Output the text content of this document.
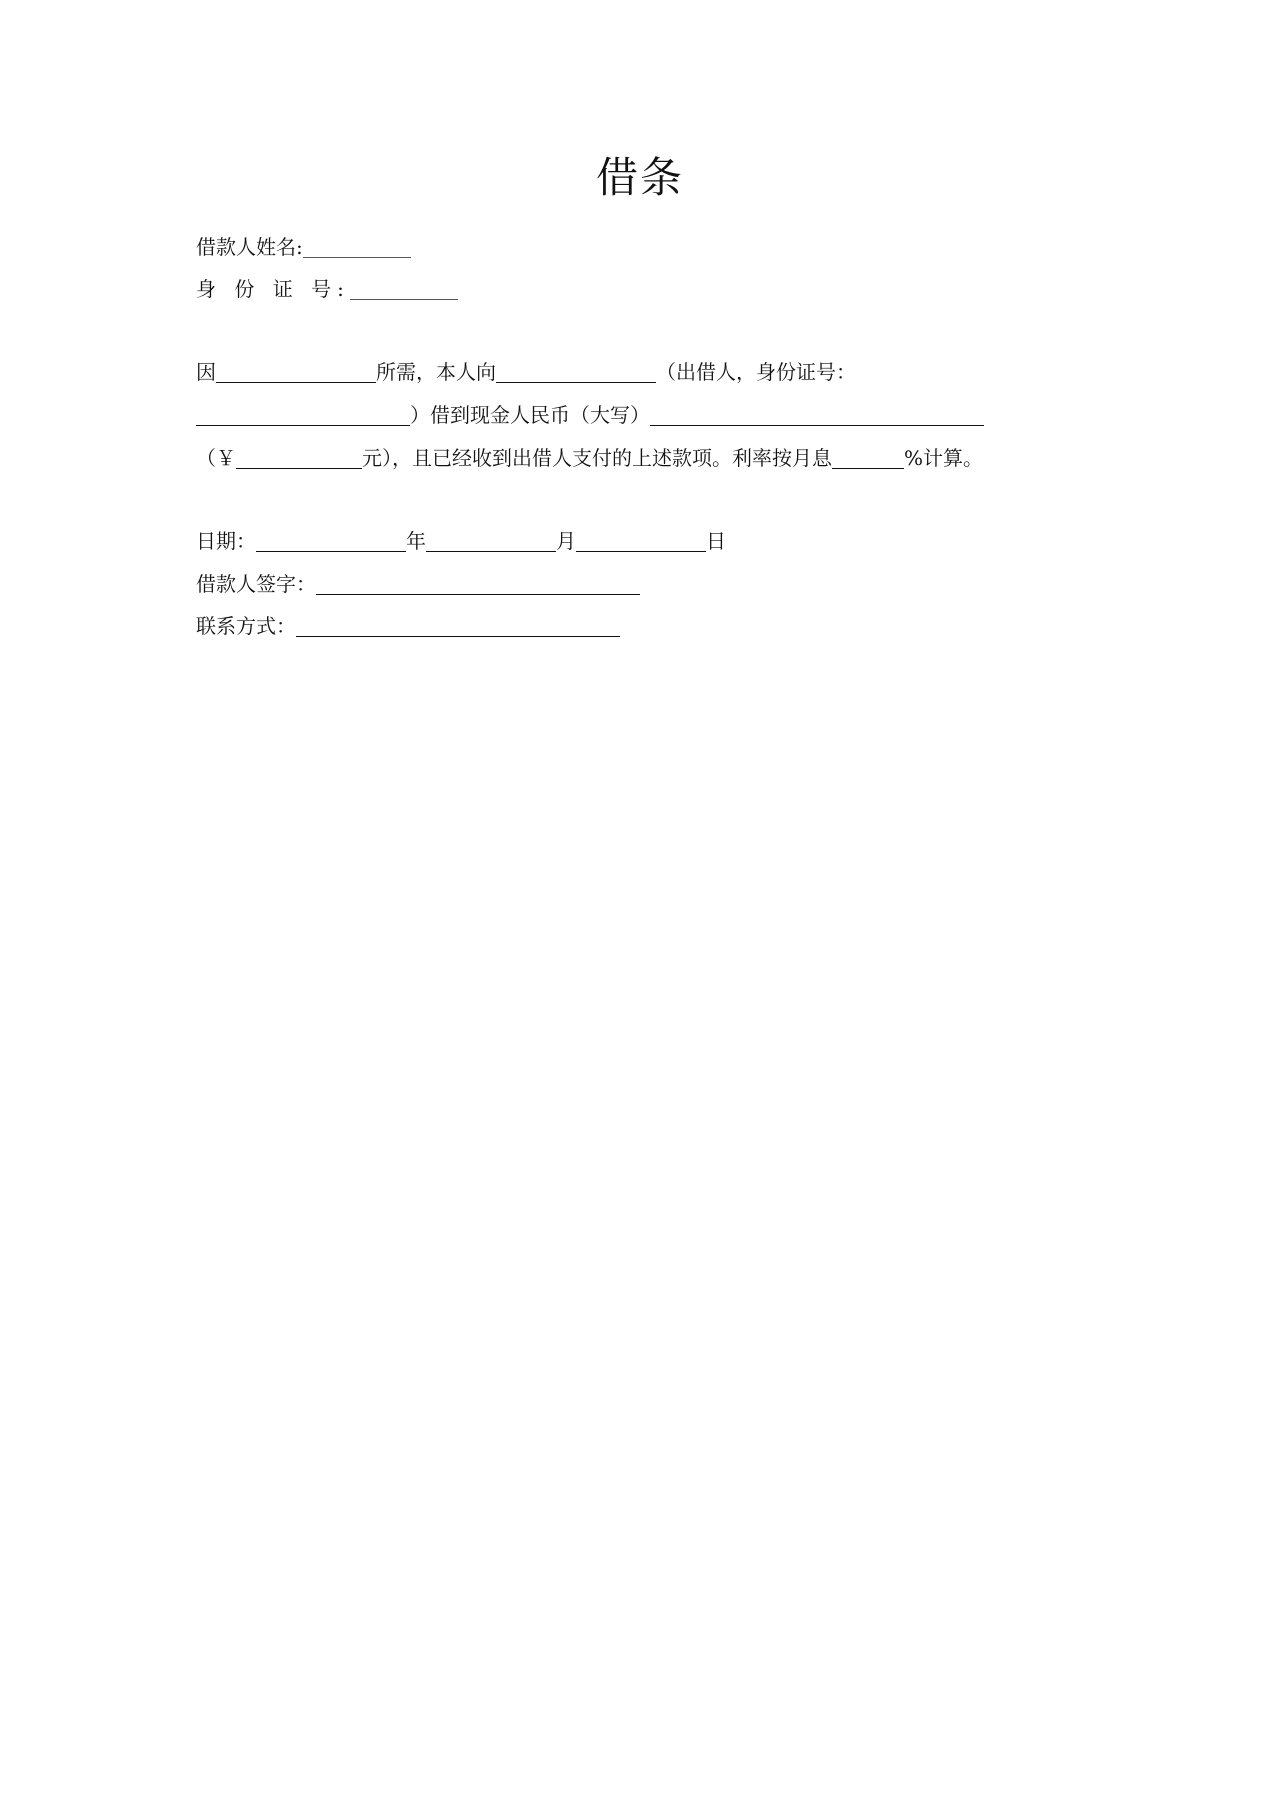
借条
借款人姓名:
身 份 证 号:
因	所需，本人向	（出借人，身份证号：
）借到现金人民币（大写）
（￥	元），且已经收到出借人支付的上述款项。利率按月息	%计算。
日期：	年	月	日
借款人签字：
联系方式：
